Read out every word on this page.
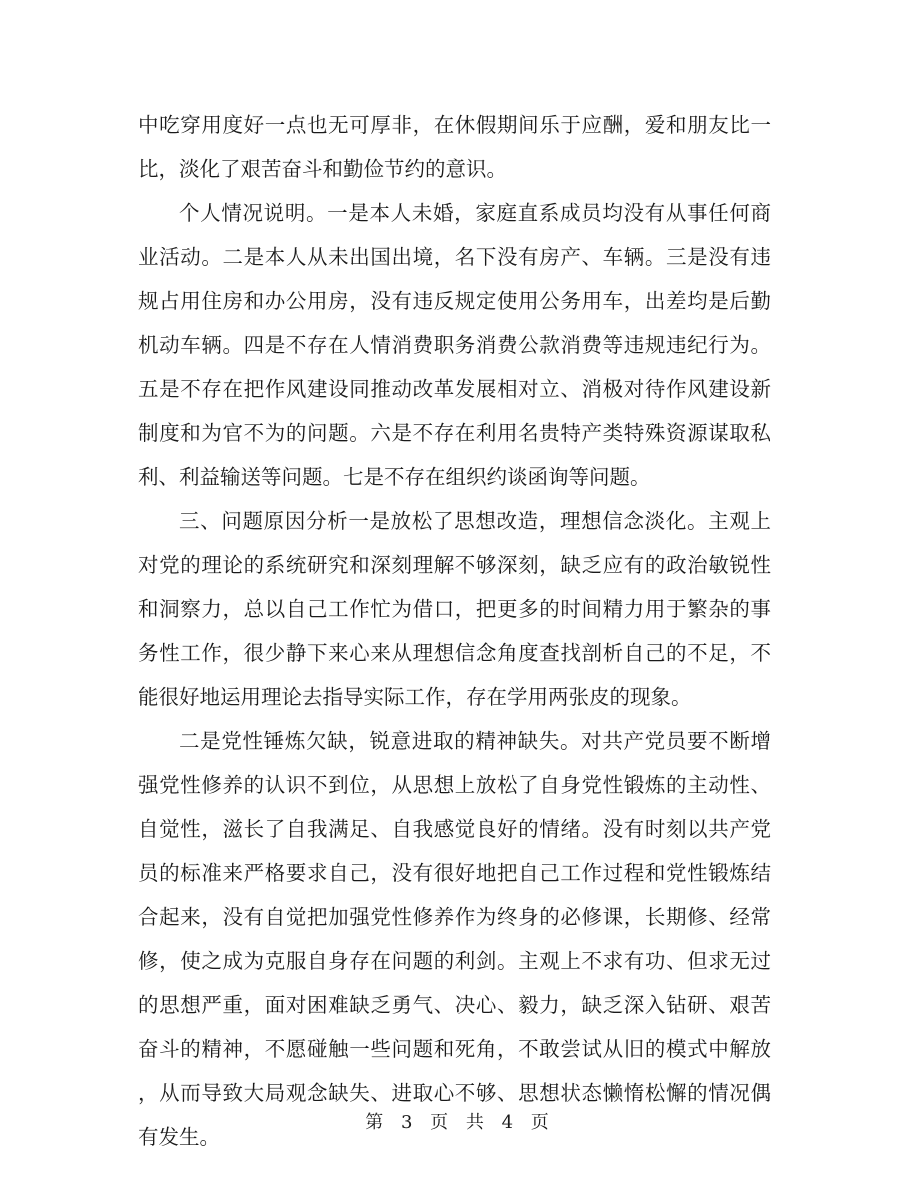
中吃穿用度好一点也无可厚非，在休假期间乐于应酬，爱和朋友比一
比，淡化了艰苦奋斗和勤俭节约的意识。
个人情况说明。一是本人未婚，家庭直系成员均没有从事任何商
业活动。二是本人从未出国出境，名下没有房产、车辆。三是没有违
规占用住房和办公用房，没有违反规定使用公务用车，出差均是后勤
机动车辆。四是不存在人情消费职务消费公款消费等违规违纪行为。
五是不存在把作风建设同推动改革发展相对立、消极对待作风建设新
制度和为官不为的问题。六是不存在利用名贵特产类特殊资源谋取私
利、利益输送等问题。七是不存在组织约谈函询等问题。
三、问题原因分析一是放松了思想改造，理想信念淡化。主观上
对党的理论的系统研究和深刻理解不够深刻，缺乏应有的政治敏锐性
和洞察力，总以自己工作忙为借口，把更多的时间精力用于繁杂的事
务性工作，很少静下来心来从理想信念角度查找剖析自己的不足，不
能很好地运用理论去指导实际工作，存在学用两张皮的现象。
二是党性锤炼欠缺，锐意进取的精神缺失。对共产党员要不断增
强党性修养的认识不到位，从思想上放松了自身党性锻炼的主动性、
自觉性，滋长了自我满足、自我感觉良好的情绪。没有时刻以共产党
员的标准来严格要求自己，没有很好地把自己工作过程和党性锻炼结
合起来，没有自觉把加强党性修养作为终身的必修课，长期修、经常
修，使之成为克服自身存在问题的利剑。主观上不求有功、但求无过
的思想严重，面对困难缺乏勇气、决心、毅力，缺乏深入钻研、艰苦
奋斗的精神，不愿碰触一些问题和死角，不敢尝试从旧的模式中解放
，从而导致大局观念缺失、进取心不够、思想状态懒惰松懈的情况偶
有发生。
第 3 页 共 4 页
